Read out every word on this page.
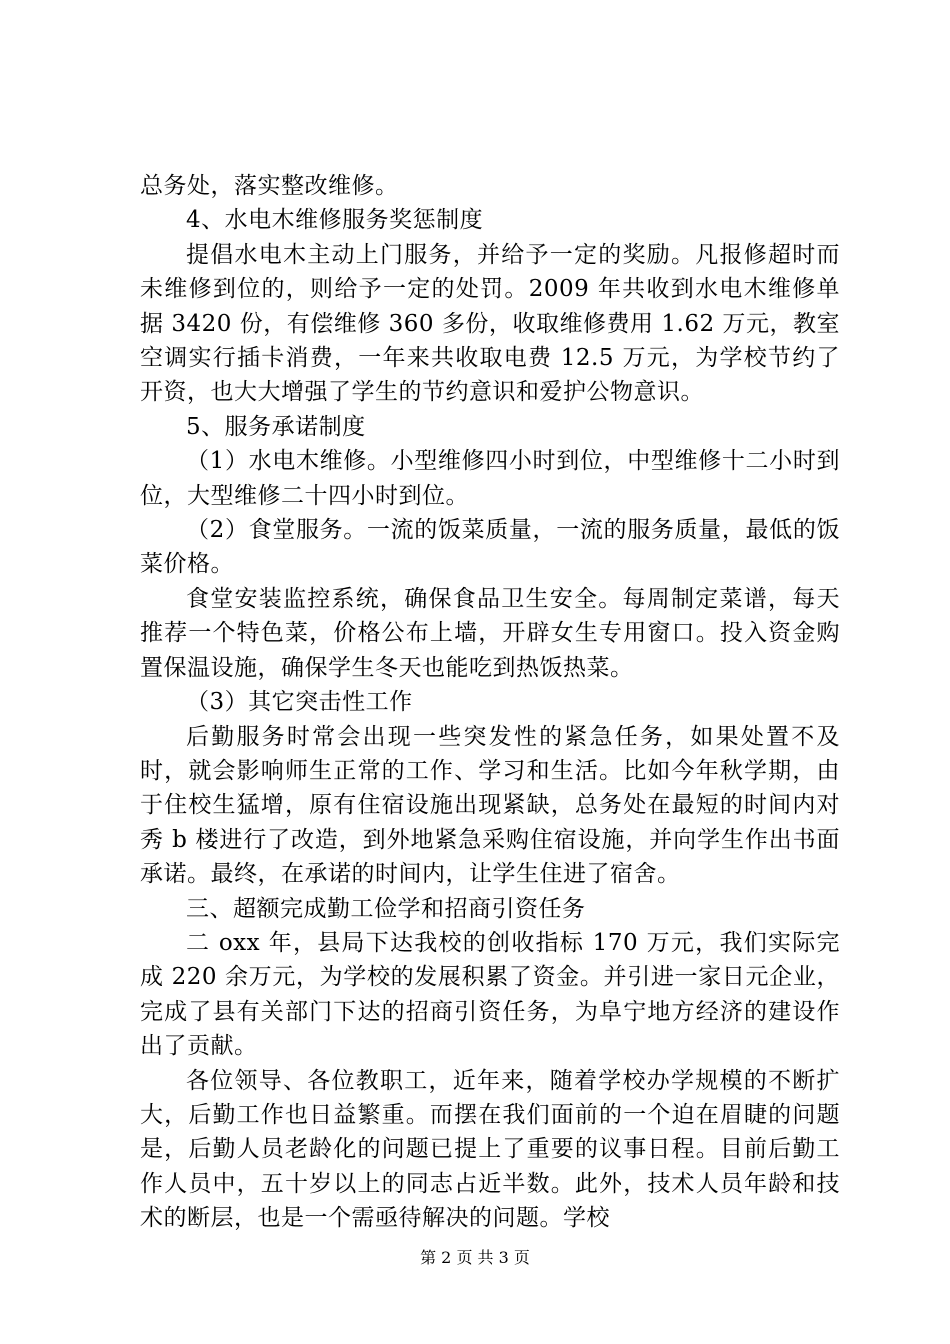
总务处，落实整改维修。

4、水电木维修服务奖惩制度

提倡水电木主动上门服务，并给予一定的奖励。凡报修超时而未维修到位的，则给予一定的处罚。2009 年共收到水电木维修单据 3420 份，有偿维修 360 多份，收取维修费用 1.62 万元，教室空调实行插卡消费，一年来共收取电费 12.5 万元，为学校节约了开资，也大大增强了学生的节约意识和爱护公物意识。

5、服务承诺制度

（1）水电木维修。小型维修四小时到位，中型维修十二小时到位，大型维修二十四小时到位。

（2）食堂服务。一流的饭菜质量，一流的服务质量，最低的饭菜价格。

食堂安装监控系统，确保食品卫生安全。每周制定菜谱，每天推荐一个特色菜，价格公布上墙，开辟女生专用窗口。投入资金购置保温设施，确保学生冬天也能吃到热饭热菜。

（3）其它突击性工作

后勤服务时常会出现一些突发性的紧急任务，如果处置不及时，就会影响师生正常的工作、学习和生活。比如今年秋学期，由于住校生猛增，原有住宿设施出现紧缺，总务处在最短的时间内对秀 b 楼进行了改造，到外地紧急采购住宿设施，并向学生作出书面承诺。最终，在承诺的时间内，让学生住进了宿舍。

三、超额完成勤工俭学和招商引资任务

二 oxx 年，县局下达我校的创收指标 170 万元，我们实际完成 220 余万元，为学校的发展积累了资金。并引进一家日元企业，完成了县有关部门下达的招商引资任务，为阜宁地方经济的建设作出了贡献。

各位领导、各位教职工，近年来，随着学校办学规模的不断扩大，后勤工作也日益繁重。而摆在我们面前的一个迫在眉睫的问题是，后勤人员老龄化的问题已提上了重要的议事日程。目前后勤工作人员中，五十岁以上的同志占近半数。此外，技术人员年龄和技术的断层，也是一个需亟待解决的问题。学校

第 2 页 共 3 页
